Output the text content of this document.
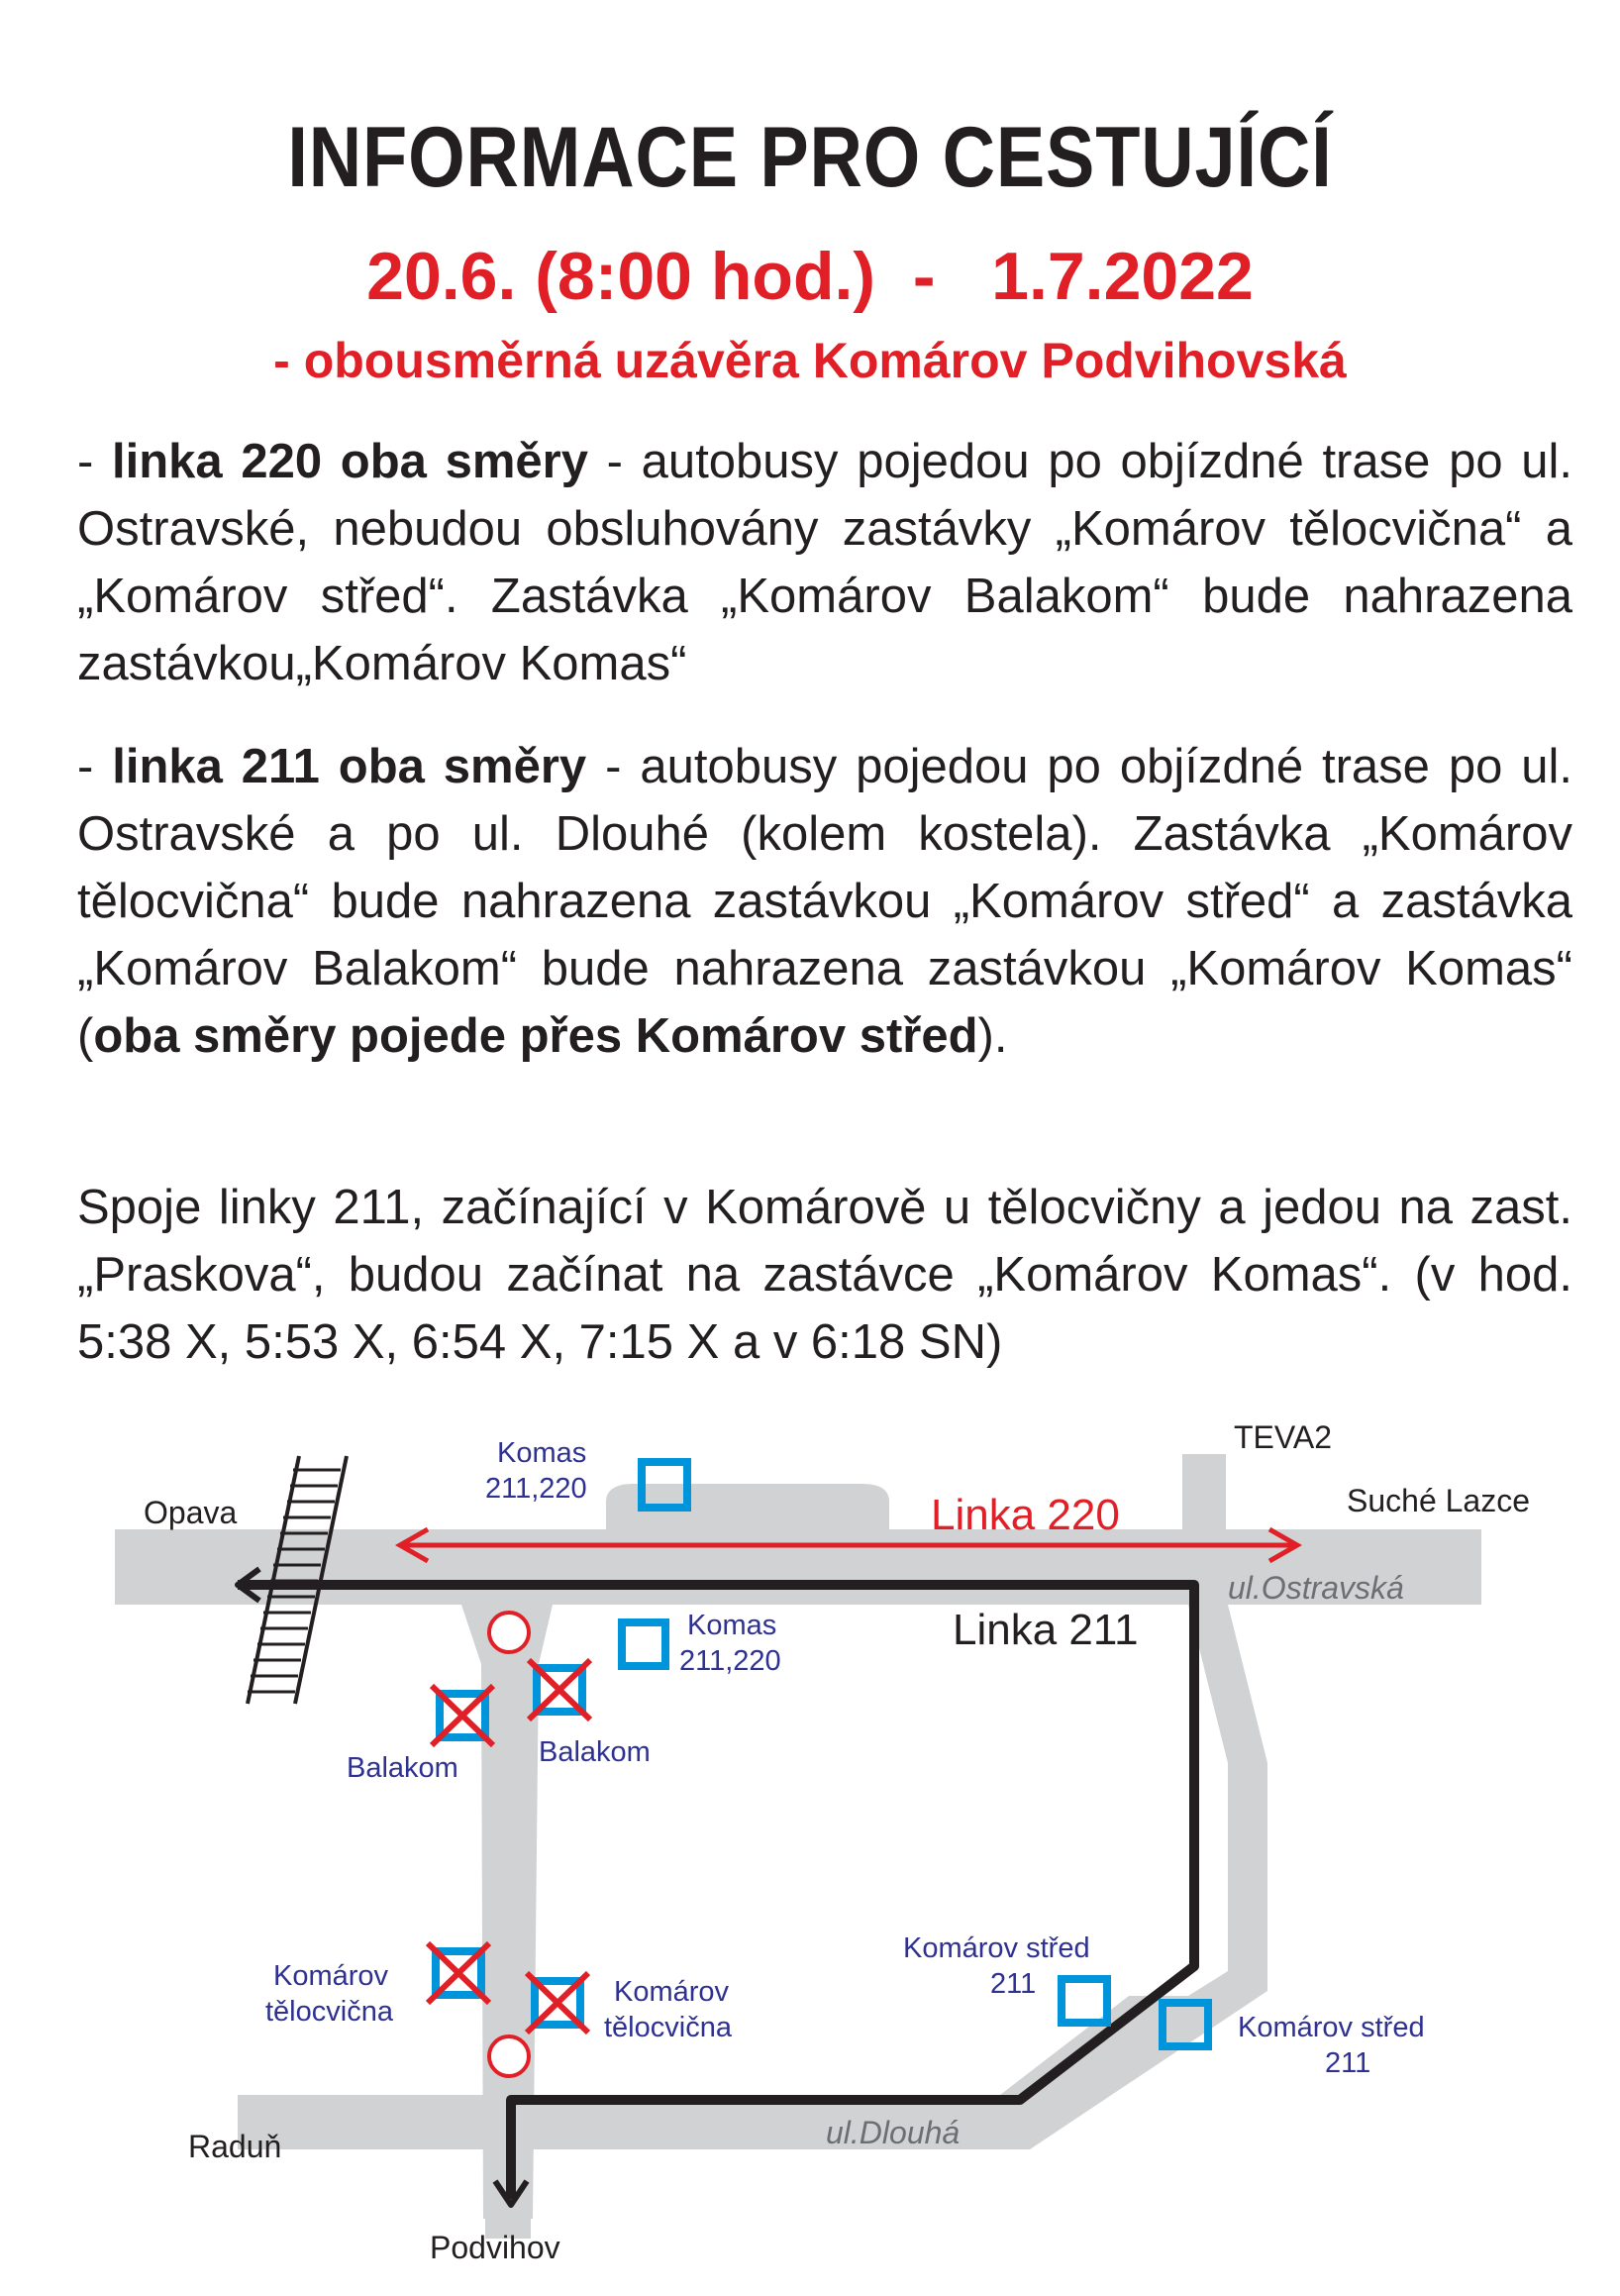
INFORMACE PRO CESTUJÍCÍ
20.6. (8:00 hod.)  -   1.7.2022
- obousměrná uzávěra Komárov Podvihovská

- linka 220 oba směry - autobusy pojedou po objízdné trase po ul. Ostravské, nebudou obsluhovány zastávky „Komárov tělocvična“ a „Komárov střed“. Zastávka „Komárov Balakom“ bude nahrazena zastávkou„Komárov Komas“

- linka 211 oba směry - autobusy pojedou po objízdné trase po ul. Ostravské a po ul. Dlouhé (kolem kostela). Zastávka „Komárov tělocvična“ bude nahrazena zastávkou „Komárov střed“ a zastávka „Komárov Balakom“ bude nahrazena zastávkou „Komárov Komas“ (oba směry pojede přes Komárov střed).

Spoje linky 211, začínající v Komárově u tělocvičny a jedou na zast. „Praskova“, budou začínat na zastávce „Komárov Komas“. (v hod. 5:38 X, 5:53 X, 6:54 X, 7:15 X a v 6:18 SN)

Opava
TEVA2
Suché Lazce
Raduň
Podvihov
ul.Ostravská
ul.Dlouhá
Linka 220
Linka 211
Komas
211,220
Komas
211,220
Balakom	Balakom
Komárov
tělocvična
Komárov
tělocvična
Komárov střed
211
Komárov střed
211
